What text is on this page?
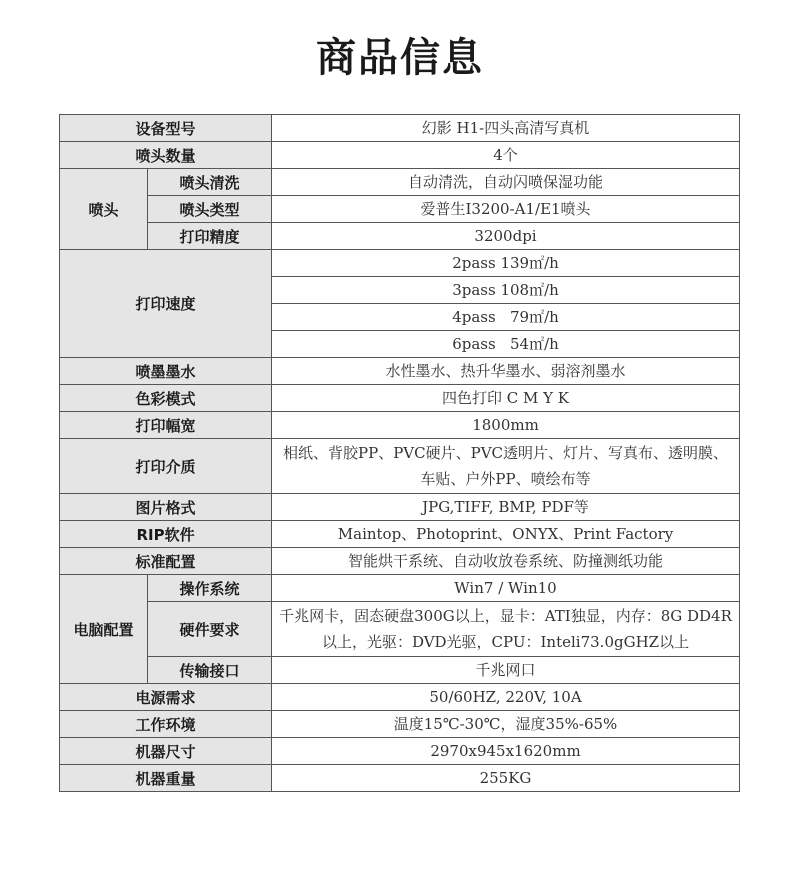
商品信息
设备型号		幻影 H1-四头高清写真机
喷头数量		4个
喷头	喷头清洗	自动清洗，自动闪喷保湿功能
	喷头类型	爱普生I3200-A1/E1喷头
	打印精度	3200dpi
打印速度		2pass 139㎡/h
		3pass 108㎡/h
		4pass   79㎡/h
		6pass   54㎡/h
喷墨墨水		水性墨水、热升华墨水、弱溶剂墨水
色彩模式		四色打印 C M Y K
打印幅宽		1800mm
打印介质		相纸、背胶PP、PVC硬片、PVC透明片、灯片、写真布、透明膜、车贴、户外PP、喷绘布等
图片格式		JPG,TIFF, BMP, PDF等
RIP软件		Maintop、Photoprint、ONYX、Print Factory
标准配置		智能烘干系统、自动收放卷系统、防撞测纸功能
电脑配置	操作系统	Win7 / Win10
	硬件要求	千兆网卡，固态硬盘300G以上，显卡：ATI独显，内存：8G DD4R以上，光驱：DVD光驱，CPU：Inteli73.0gGHZ以上
	传输接口	千兆网口
电源需求		50/60HZ, 220V, 10A
工作环境		温度15℃-30℃，湿度35%-65%
机器尺寸		2970x945x1620mm
机器重量		255KG
